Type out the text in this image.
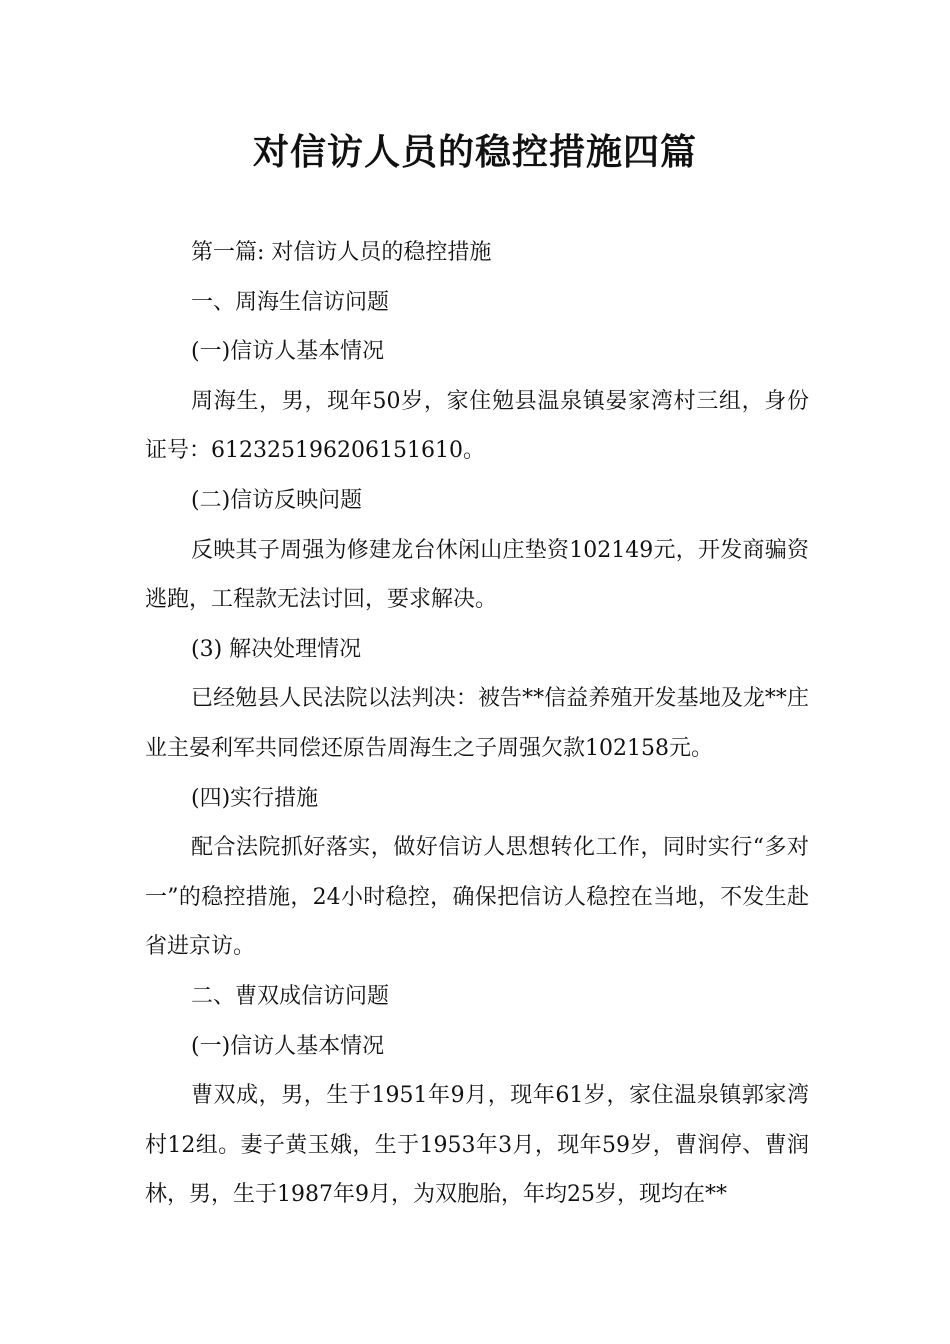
对信访人员的稳控措施四篇

第一篇: 对信访人员的稳控措施

一、周海生信访问题

(一)信访人基本情况

周海生，男，现年50岁，家住勉县温泉镇晏家湾村三组，身份证号：612325196206151610。

(二)信访反映问题

反映其子周强为修建龙台休闲山庄垫资102149元，开发商骗资逃跑，工程款无法讨回，要求解决。

(3) 解决处理情况

已经勉县人民法院以法判决：被告**信益养殖开发基地及龙**庄业主晏利军共同偿还原告周海生之子周强欠款102158元。

(四)实行措施

配合法院抓好落实，做好信访人思想转化工作，同时实行“多对一”的稳控措施，24小时稳控，确保把信访人稳控在当地，不发生赴省进京访。

二、曹双成信访问题

(一)信访人基本情况

曹双成，男，生于1951年9月，现年61岁，家住温泉镇郭家湾村12组。妻子黄玉娥，生于1953年3月，现年59岁，曹润停、曹润林，男，生于1987年9月，为双胞胎，年均25岁，现均在**
